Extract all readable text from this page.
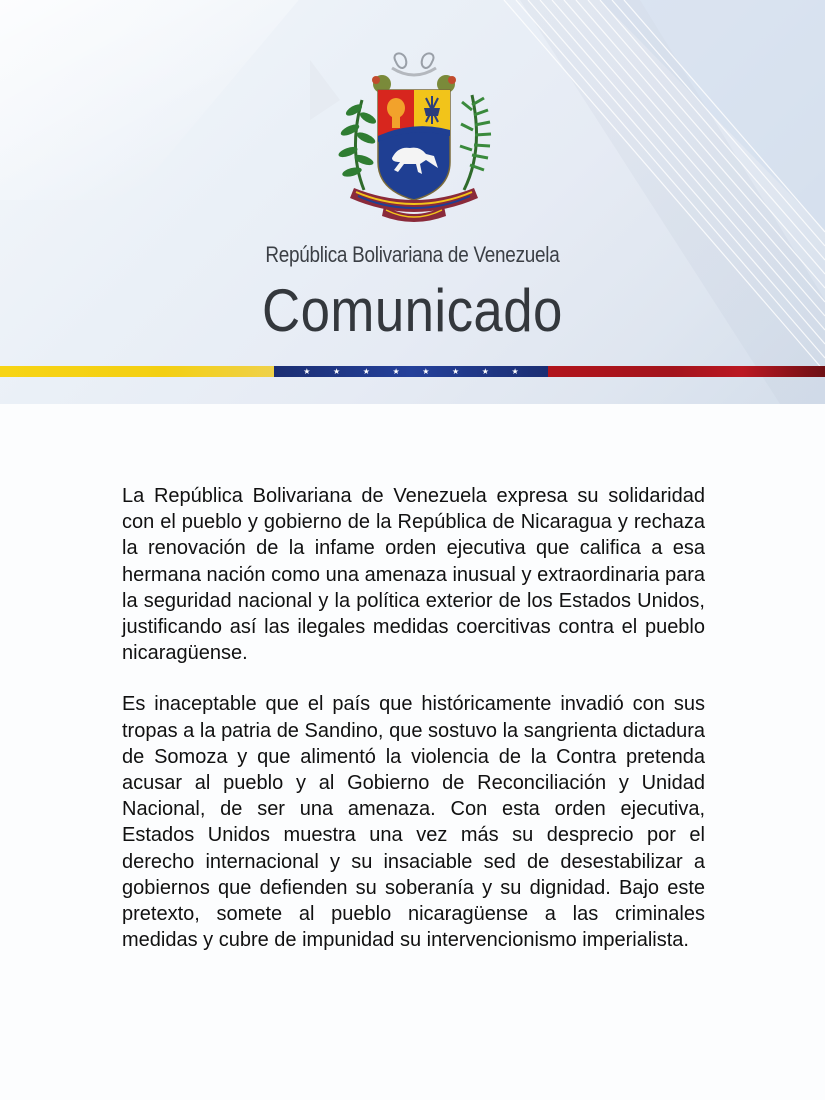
República Bolivariana de Venezuela
Comunicado
★	★	★	★	★	★	★	★

La República Bolivariana de Venezuela expresa su solidaridad con el pueblo y gobierno de la República de Nicaragua y rechaza la renovación de la infame orden ejecutiva que califica a esa hermana nación como una amenaza inusual y extraordinaria para la seguridad nacional y la política exterior de los Estados Unidos, justificando así las ilegales medidas coercitivas contra el pueblo nicaragüense.

Es inaceptable que el país que históricamente invadió con sus tropas a la patria de Sandino, que sostuvo la sangrienta dictadura de Somoza y que alimentó la violencia de la Contra pretenda acusar al pueblo y al Gobierno de Reconciliación y Unidad Nacional, de ser una amenaza. Con esta orden ejecutiva, Estados Unidos muestra una vez más su desprecio por el derecho internacional y su insaciable sed de desestabilizar a gobiernos que defienden su soberanía y su dignidad. Bajo este pretexto, somete al pueblo nicaragüense a las criminales medidas y cubre de impunidad su intervencionismo imperialista.
